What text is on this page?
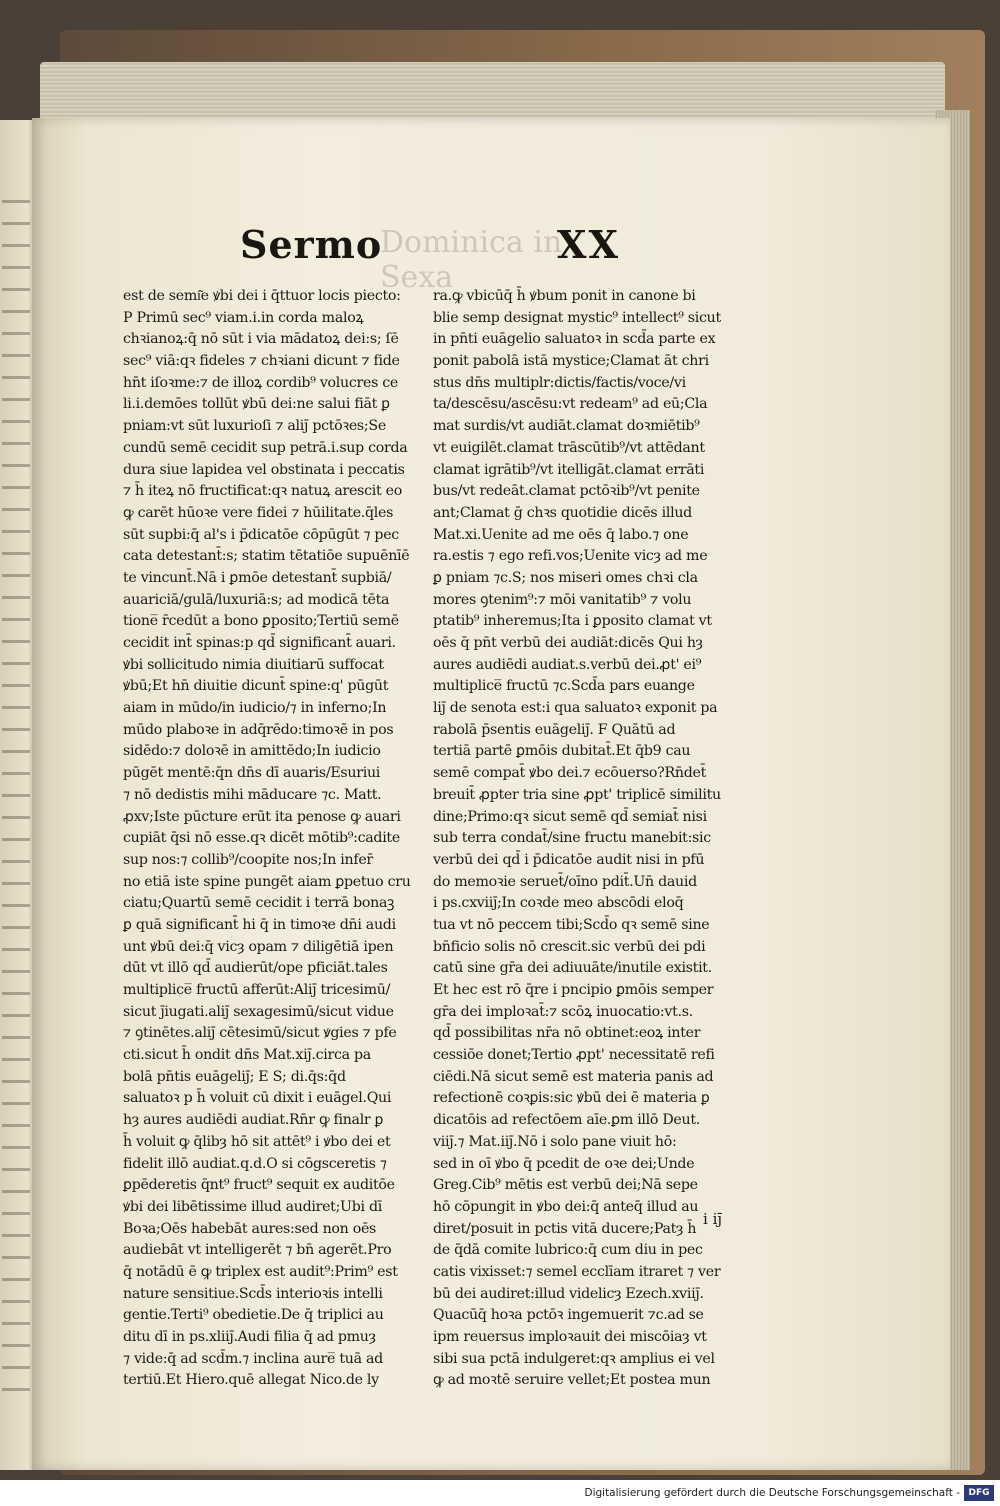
Dominica in Sexa
Sermo	XX
est de semi͂e ꝟbi dei i q̄ttuor locis piecto:
P Primū sec⁹ viam.i.in corda maloꝝ
chꝛianoꝝ:q̄ nō sūt i via mādatoꝝ dei:s; ſē
sec⁹ viā:qꝛ fideles ⁊ chꝛiani dicunt ⁊ fide
hn̄t iſoꝛme:⁊ de illoꝝ cordib⁹ volucres ce
li.i.demōes tollūt ꝟbū dei:ne salui fiāt ꝑ
pniam:vt sūt luxurioſi ⁊ aliȷ̄ pctōꝛes;Se
cundū semē cecidit sup petrā.i.sup corda
dura siue lapidea vel obstinata i peccatis
⁊ h̄ iteꝝ nō fructificat:qꝛ natuꝝ arescit eo
ꝙ carēt hūoꝛe vere fidei ⁊ hūilitate.q̄les
sūt supbi:q̄ al's i p̄dicatōe cōpūgūt ⁊ pec
cata detestant̄:s; statim tētatiōe supuēnīē
te vincunt̄.Nā i ꝑmōe detestant̄ supbiā/
auariciā/gulā/luxuriā:s; ad modicā tēta
tione̅ r̄cedūt a bono ꝑposito;Tertiū semē
cecidit int̄ spinas:p qd̄ significant̄ auari.
ꝟbi sollicitudo nimia diuitiarū suffocat
ꝟbū;Et hn̄ diuitie dicunt̄ spine:q' pūgūt
aiam in mūdo/in iudicio/⁊ in inferno;In
mūdo plaboꝛe in adq̄rēdo:timoꝛē in pos
sidēdo:⁊ doloꝛē in amittēdo;In iudicio
pūgēt mentē:q̄n dn̄s dī auaris/Esuriui
⁊ nō dedistis mihi māducare ⁊c. Matt.
ꝓxv;Iste pūcture erūt ita penose ꝙ auari
cupiāt q̄si nō esse.qꝛ dicēt mōtib⁹:cadite
sup nos:⁊ collib⁹/coopite nos;In infer̄
no etiā iste spine pungēt aiam ꝑpetuo cru
ciatu;Quartū semē cecidit i terrā bonaꝫ
ꝑ quā significant̄ hi q̄ in timoꝛe dn̄i audi
unt ꝟbū dei:q̄ vicȝ opam ⁊ diligētiā ipen
dūt vt illō qd̄ audierūt/ope pficiāt.tales
multiplice̅ fructū afferūt:Aliȷ̄ tricesimū/
sicut ȷ̄iugati.aliȷ̄ sexagesimū/sicut vidue
⁊ ꝯtinētes.aliȷ̄ cētesimū/sicut ꝟgies ⁊ pfe
cti.sicut h̄ ondit dn̄s Mat.xiȷ̄.circa pa
bolā pn̄tis euāgeliȷ̄; E S; di.q̄s:q̄d
saluatoꝛ p h̄ voluit cū dixit i euāgel.Qui
hȝ aures audiēdi audiat.Rn̄r ꝙ finalr ꝑ
h̄ voluit ꝙ q̄libȝ hō sit attēt⁹ i ꝟbo dei et
fidelit illō audiat.q.d.O si cōgsceretis ⁊
ꝑpēderetis q̄nt⁹ fruct⁹ sequit ex auditōe
ꝟbi dei libētissime illud audiret;Ubi dī
Boꝛa;Oēs habebāt aures:sed non oēs
audiebāt vt intelligerēt ⁊ bn̄ agerēt.Pro
q̄ notādū ē ꝙ triplex est audit⁹:Prim⁹ est
nature sensitiue.Scd̄s interioꝛis intelli
gentie.Terti⁹ obedietie.De q̄ triplici au
ditu dī in ps.xliiȷ̄.Audi filia q̄ ad pmuȝ
⁊ vide:q̄ ad scd̄m.⁊ inclina aure̅ tuā ad
tertiū.Et Hiero.quē allegat Nico.de ly
ra.ꝙ vbicūq̄ h̄ ꝟbum ponit in canone bi
blie semp designat mystic⁹ intellect⁹ sicut
in pn̄ti euāgelio saluatoꝛ in scd̄a parte ex
ponit pabolā istā mystice;Clamat āt chri
stus dn̄s multiplr:dictis/factis/voce/vi
ta/descēsu/ascēsu:vt redeam⁹ ad eū;Cla
mat surdis/vt audiāt.clamat doꝛmiētib⁹
vt euigilēt.clamat trāscūtib⁹/vt attēdant
clamat igrātib⁹/vt itelligāt.clamat errāti
bus/vt redeāt.clamat pctōꝛib⁹/vt penite
ant;Clamat ḡ chꝛs quotidie dicēs illud
Mat.xi.Uenite ad me oēs q̄ labo.⁊ one
ra.estis ⁊ ego refi.vos;Uenite vicȝ ad me
ꝑ pniam ⁊c.S; nos miseri omes chꝛi cla
mores ꝯtenim⁹:⁊ mōi vanitatib⁹ ⁊ volu
ptatib⁹ inheremus;Ita i ꝑposito clamat vt
oēs q̄ pn̄t verbū dei audiāt:dicēs Qui hȝ
aures audiēdi audiat.s.verbū dei.ꝓt' ei⁹
multiplice̅ fructū ⁊c.Scd̄a pars euange
liȷ̄ de senota est:i qua saluatoꝛ exponit pa
rabolā p̄sentis euāgeliȷ̄. F Quātū ad
tertiā partē ꝑmōis dubitat̄.Et q̄b9 cau
semē compat̄ ꝟbo dei.⁊ ecōuerso?Rn̄det̄
breuit̄ ꝓpter tria sine ꝓpt' triplicē similitu
dine;Primo:qꝛ sicut semē qd̄ semiat̄ nisi
sub terra condat̄/sine fructu manebit:sic
verbū dei qd̄ i p̄dicatōe audit nisi in pfū
do memoꝛie seruet̄/oīno pdit̄.Un̄ dauid
i ps.cxviiȷ̄;In coꝛde meo abscōdi eloq̄
tua vt nō peccem tibi;Scd̄o qꝛ semē sine
bn̄ficio solis nō crescit.sic verbū dei pdi
catū sine gr̄a dei adiuuāte/inutile existit.
Et hec est rō q̄re i pncipio ꝑmōis semper
gr̄a dei imploꝛat̄:⁊ scōꝝ inuocatio:vt.s.
qd̄ possibilitas nr̄a nō obtinet:eoꝝ inter
cessiōe donet;Tertio ꝓpt' necessitatē refi
ciēdi.Nā sicut semē est materia panis ad
refectionē coꝛꝑis:sic ꝟbū dei ē materia ꝑ
dicatōis ad refectōem aīe.ꝑm illō Deut.
viiȷ̄.⁊ Mat.iiȷ̄.Nō i solo pane viuit hō:
sed in oī ꝟbo q̄ pcedit de oꝛe dei;Unde
Greg.Cib⁹ mētis est verbū dei;Nā sepe
hō cōpungit in ꝟbo dei:q̄ anteq̄ illud au
diret/posuit in pctis vitā ducere;Patȝ h̄
de q̄dā comite lubrico:q̄ cum diu in pec
catis vixisset:⁊ semel ecclīam itraret ⁊ ver
bū dei audiret:illud videlicȝ Ezech.xviiȷ̄.
Quacūq̄ hoꝛa pctōꝛ ingemuerit ⁊c.ad se
ipm reuersus imploꝛauit dei miscōiaȝ vt
sibi sua pctā indulgeret:qꝛ amplius ei vel
ꝙ ad moꝛtē seruire vellet;Et postea mun
i iȷ̄
Digitalisierung gefördert durch die Deutsche Forschungsgemeinschaft - DFG
